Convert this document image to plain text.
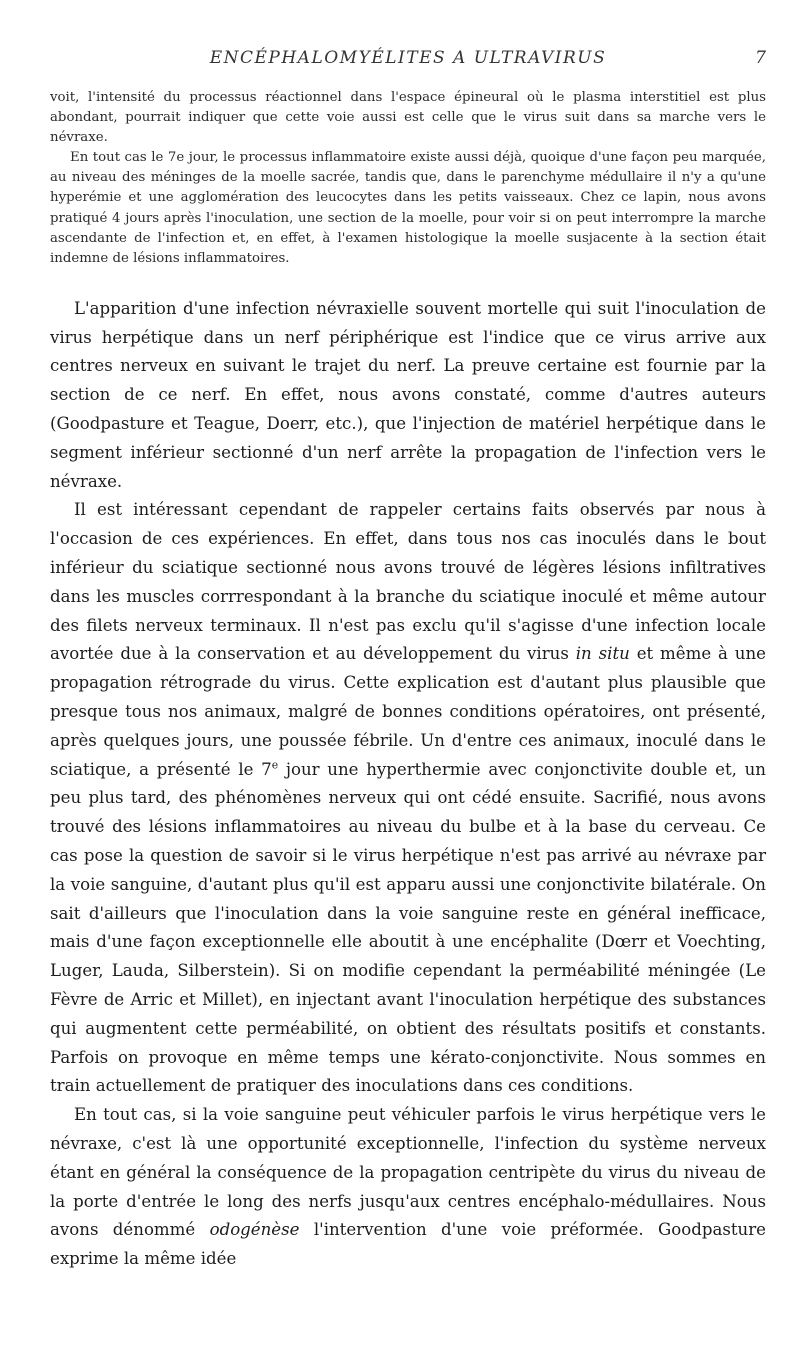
ENCÉPHALOMYÉLITES A ULTRAVIRUS	7

voit, l'intensité du processus réactionnel dans l'espace épineural où le plasma interstitiel est plus abondant, pourrait indiquer que cette voie aussi est celle que le virus suit dans sa marche vers le névraxe.

En tout cas le 7e jour, le processus inflammatoire existe aussi déjà, quoique d'une façon peu marquée, au niveau des méninges de la moelle sacrée, tandis que, dans le parenchyme médullaire il n'y a qu'une hyperémie et une agglomération des leucocytes dans les petits vaisseaux. Chez ce lapin, nous avons pratiqué 4 jours après l'inoculation, une section de la moelle, pour voir si on peut interrompre la marche ascendante de l'infection et, en effet, à l'examen histologique la moelle susjacente à la section était indemne de lésions inflammatoires.

L'apparition d'une infection névraxielle souvent mortelle qui suit l'inoculation de virus herpétique dans un nerf périphérique est l'indice que ce virus arrive aux centres nerveux en suivant le trajet du nerf. La preuve certaine est fournie par la section de ce nerf. En effet, nous avons constaté, comme d'autres auteurs (Goodpasture et Teague, Doerr, etc.), que l'injection de matériel herpétique dans le segment inférieur sectionné d'un nerf arrête la propagation de l'infection vers le névraxe.

Il est intéressant cependant de rappeler certains faits observés par nous à l'occasion de ces expériences. En effet, dans tous nos cas inoculés dans le bout inférieur du sciatique sectionné nous avons trouvé de légères lésions infiltratives dans les muscles corrrespondant à la branche du sciatique inoculé et même autour des filets nerveux terminaux. Il n'est pas exclu qu'il s'agisse d'une infection locale avortée due à la conservation et au développement du virus in situ et même à une propagation rétrograde du virus. Cette explication est d'autant plus plausible que presque tous nos animaux, malgré de bonnes conditions opératoires, ont présenté, après quelques jours, une poussée fébrile. Un d'entre ces animaux, inoculé dans le sciatique, a présenté le 7e jour une hyperthermie avec conjonctivite double et, un peu plus tard, des phénomènes nerveux qui ont cédé ensuite. Sacrifié, nous avons trouvé des lésions inflammatoires au niveau du bulbe et à la base du cerveau. Ce cas pose la question de savoir si le virus herpétique n'est pas arrivé au névraxe par la voie sanguine, d'autant plus qu'il est apparu aussi une conjonctivite bilatérale. On sait d'ailleurs que l'inoculation dans la voie sanguine reste en général inefficace, mais d'une façon exceptionnelle elle aboutit à une encéphalite (Dœrr et Voechting, Luger, Lauda, Silberstein). Si on modifie cependant la perméabilité méningée (Le Fèvre de Arric et Millet), en injectant avant l'inoculation herpétique des substances qui augmentent cette perméabilité, on obtient des résultats positifs et constants. Parfois on provoque en même temps une kérato-conjonctivite. Nous sommes en train actuellement de pratiquer des inoculations dans ces conditions.

En tout cas, si la voie sanguine peut véhiculer parfois le virus herpétique vers le névraxe, c'est là une opportunité exceptionnelle, l'infection du système nerveux étant en général la conséquence de la propagation centripète du virus du niveau de la porte d'entrée le long des nerfs jusqu'aux centres encéphalo-médullaires. Nous avons dénommé odogénèse l'intervention d'une voie préformée. Goodpasture exprime la même idée
